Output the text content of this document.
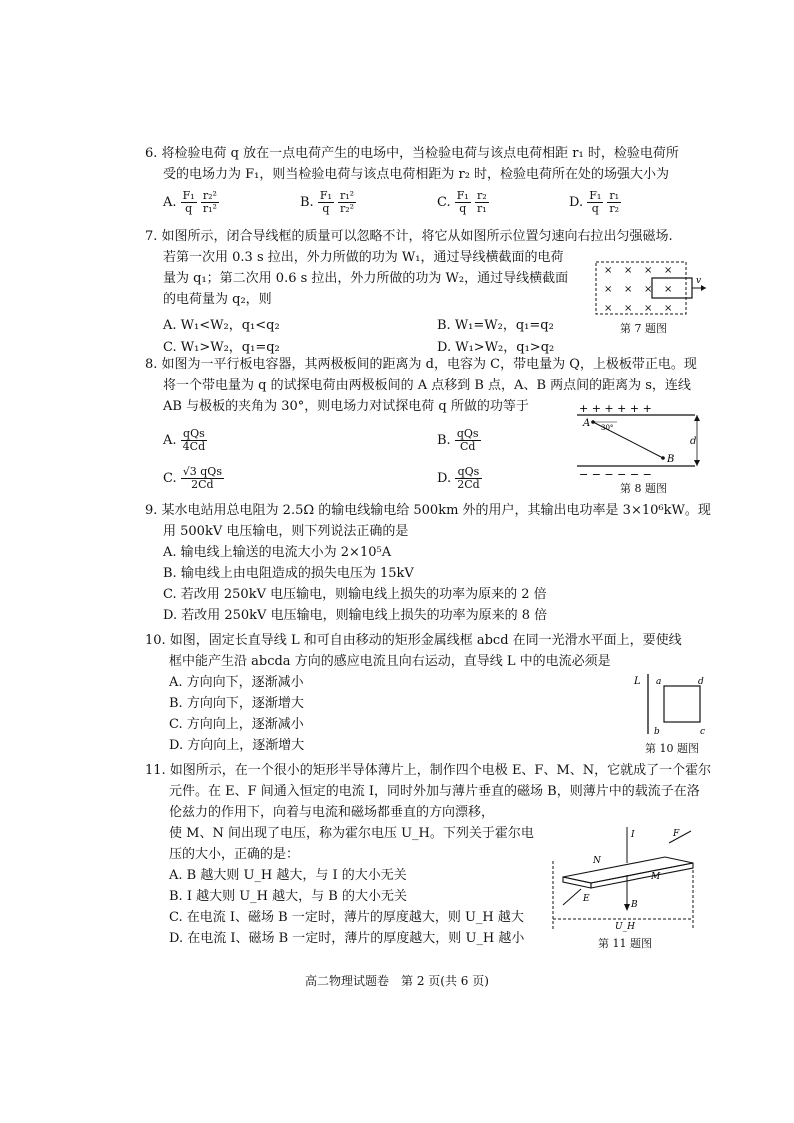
6. 将检验电荷 q 放在一点电荷产生的电场中，当检验电荷与该点电荷相距 r₁ 时，检验电荷所
受的电场力为 F₁，则当检验电荷与该点电荷相距为 r₂ 时，检验电荷所在处的场强大小为
A. $\frac{\text{F₁}}{q}$
$\frac{\text{r₂²}}{\text{r₁²}}$	B. $\frac{\text{F₁}}{q}$
$\frac{\text{r₁²}}{\text{r₂²}}$	C. $\frac{\text{F₁}}{q}$
$\frac{\text{r₂}}{\text{r₁}}$	D. $\frac{\text{F₁}}{q}$
$\frac{\text{r₁}}{\text{r₂}}$
7. 如图所示，闭合导线框的质量可以忽略不计，将它从如图所示位置匀速向右拉出匀强磁场.
若第一次用 0.3 s 拉出，外力所做的功为 W₁，通过导线横截面的电荷
量为 q₁；第二次用 0.6 s 拉出，外力所做的功为 W₂，通过导线横截面
的电荷量为 q₂，则
A. W₁<W₂，q₁<q₂	B. W₁=W₂，q₁=q₂
C. W₁>W₂，q₁=q₂	D. W₁>W₂，q₁>q₂
× × × ×
× × × ×
× × × ×
v
第 7 题图
8. 如图为一平行板电容器，其两极板间的距离为 d，电容为 C，带电量为 Q，上极板带正电。现
将一个带电量为 q 的试探电荷由两极板间的 A 点移到 B 点，A、B 两点间的距离为 s，连线
AB 与极板的夹角为 30°，则电场力对试探电荷 q 所做的功等于
A. $\frac{\text{qQs}}{4Cd}$	B. $\frac{\text{qQs}}{Cd}$
C. $\frac{\text{√3 qQs}}{2Cd}$	D. $\frac{\text{qQs}}{2Cd}$
+ + + + + +
− − − − − −
A
B
30°
d
第 8 题图
9. 某水电站用总电阻为 2.5Ω 的输电线输电给 500km 外的用户，其输出电功率是 3×10⁶kW。现
用 500kV 电压输电，则下列说法正确的是
A. 输电线上输送的电流大小为 2×10⁵A
B. 输电线上由电阻造成的损失电压为 15kV
C. 若改用 250kV 电压输电，则输电线上损失的功率为原来的 2 倍
D. 若改用 250kV 电压输电，则输电线上损失的功率为原来的 8 倍
10. 如图，固定长直导线 L 和可自由移动的矩形金属线框 abcd 在同一光滑水平面上，要使线
框中能产生沿 abcda 方向的感应电流且向右运动，直导线 L 中的电流必须是
A. 方向向下，逐渐减小
B. 方向向下，逐渐增大
C. 方向向上，逐渐减小
D. 方向向上，逐渐增大
L a	d
b	c
第 10 题图
11. 如图所示，在一个很小的矩形半导体薄片上，制作四个电极 E、F、M、N，它就成了一个霍尔
元件。在 E、F 间通入恒定的电流 I，同时外加与薄片垂直的磁场 B，则薄片中的载流子在洛
伦兹力的作用下，向着与电流和磁场都垂直的方向漂移，
使 M、N 间出现了电压，称为霍尔电压 U_H。下列关于霍尔电
压的大小，正确的是：
A. B 越大则 U_H 越大，与 I 的大小无关
B. I 越大则 U_H 越大，与 B 的大小无关
C. 在电流 I、磁场 B 一定时，薄片的厚度越大，则 U_H 越大
D. 在电流 I、磁场 B 一定时，薄片的厚度越大，则 U_H 越小
I	F
N
M
E
B
U_H
第 11 题图
高二物理试题卷　第 2 页(共 6 页)
